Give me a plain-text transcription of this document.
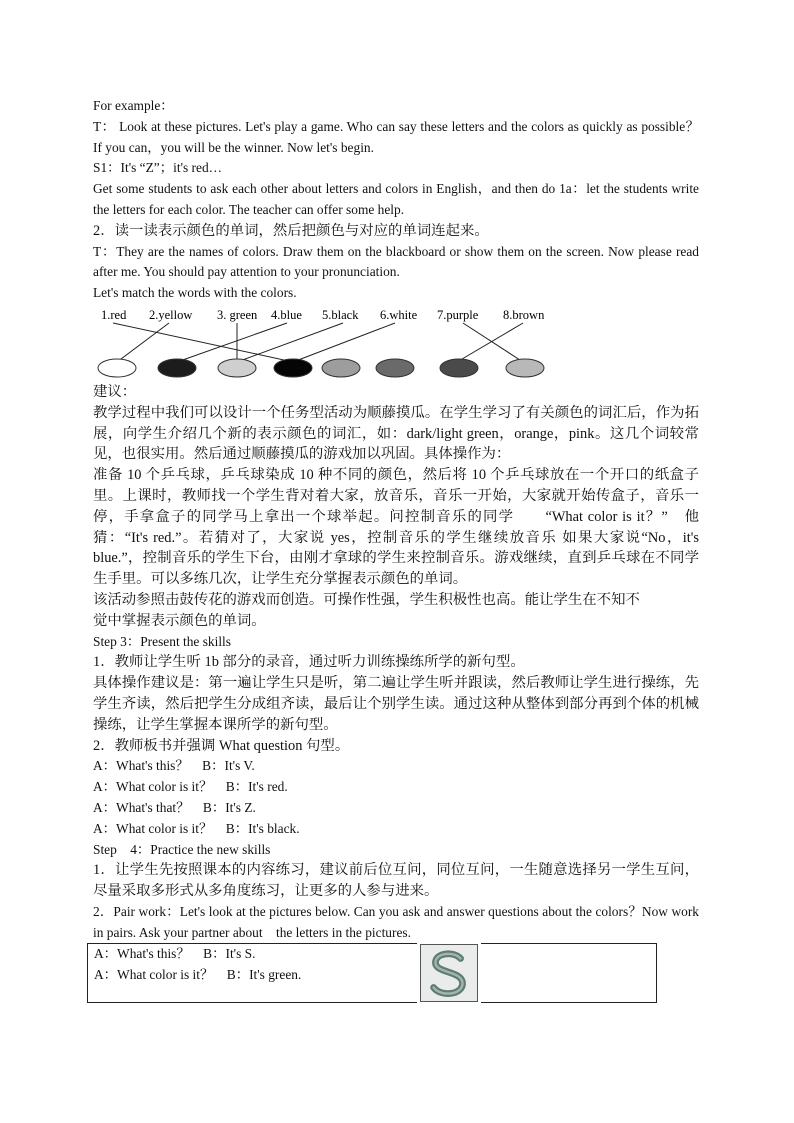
For example：

T： Look at these pictures. Let's play a game. Who can say these letters and the colors as quickly as possible？If you can，you will be the winner. Now let's begin.

S1：It's “Z”；it's red…

Get some students to ask each other about letters and colors in English，and then do 1a：let the students write the letters for each color. The teacher can offer some help.

2．读一读表示颜色的单词，然后把颜色与对应的单词连起来。

T：They are the names of colors. Draw them on the blackboard or show them on the screen. Now please read after me. You should pay attention to your pronunciation.

Let's match the words with the colors.

1.red 2.yellow 3. green 4.blue 5.black 6.white 7.purple 8.brown

建议：

教学过程中我们可以设计一个任务型活动为顺藤摸瓜。在学生学习了有关颜色的词汇后，作为拓展，向学生介绍几个新的表示颜色的词汇，如：dark/light green，orange，pink。这几个词较常见，也很实用。然后通过顺藤摸瓜的游戏加以巩固。具体操作为：

准备 10 个乒乓球，乒乓球染成 10 种不同的颜色，然后将 10 个乒乓球放在一个开口的纸盒子里。上课时，教师找一个学生背对着大家，放音乐，音乐一开始，大家就开始传盒子，音乐一停，手拿盒子的同学马上拿出一个球举起。问控制音乐的同学　　“What color is it？”　他猜：“It's red.”。若猜对了，大家说 yes，控制音乐的学生继续放音乐 如果大家说“No，it's blue.”，控制音乐的学生下台，由刚才拿球的学生来控制音乐。游戏继续，直到乒乓球在不同学生手里。可以多练几次，让学生充分掌握表示颜色的单词。

该活动参照击鼓传花的游戏而创造。可操作性强，学生积极性也高。能让学生在不知不

觉中掌握表示颜色的单词。

Step 3：Present the skills

1．教师让学生听 1b 部分的录音，通过听力训练操练所学的新句型。

具体操作建议是：第一遍让学生只是听，第二遍让学生听并跟读，然后教师让学生进行操练，先学生齐读，然后把学生分成组齐读，最后让个别学生读。通过这种从整体到部分再到个体的机械操练，让学生掌握本课所学的新句型。

2．教师板书并强调 What question 句型。

A：What's this？　B：It's V.

A：What color is it？　B：It's red.

A：What's that？　B：It's Z.

A：What color is it？　B：It's black.

Step　4：Practice the new skills

1．让学生先按照课本的内容练习，建议前后位互问，同位互问，一生随意选择另一学生互问，尽量采取多形式从多角度练习，让更多的人参与进来。

2．Pair work：Let's look at the pictures below. Can you ask and answer questions about the colors？Now work in pairs. Ask your partner about　the letters in the pictures.

A：What's this？　B：It's S.

A：What color is it？　B：It's green.
